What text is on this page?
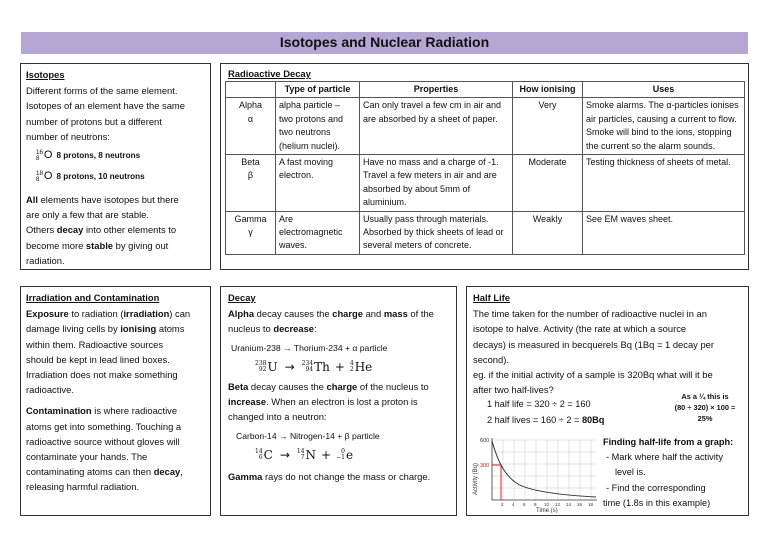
Isotopes and Nuclear Radiation
Isotopes
Different forms of the same element.
Isotopes of an element have the same
number of protons but a different
number of neutrons:
16
8 O 8 protons, 8 neutrons
18
8 O 8 protons, 10 neutrons
All elements have isotopes but there
are only a few that are stable.
Others decay into other elements to
become more stable by giving out
radiation.
Radioactive Decay
	Type of particle	Properties	How ionising	Uses

Alpha
α	alpha particle – two protons and two neutrons (helium nuclei).	Can only travel a few cm in air and are absorbed by a sheet of paper.	Very	Smoke alarms. The α-particles ionises air particles, causing a current to flow. Smoke will bind to the ions, stopping the current so the alarm sounds.

Beta
β	A fast moving electron.	Have no mass and a charge of -1. Travel a few meters in air and are absorbed by about 5mm of aluminium.	Moderate	Testing thickness of sheets of metal.

Gamma
γ	Are electromagnetic waves.	Usually pass through materials. Absorbed by thick sheets of lead or several meters of concrete.	Weakly	See EM waves sheet.
Irradiation and Contamination
Exposure to radiation (irradiation) can
damage living cells by ionising atoms
within them. Radioactive sources
should be kept in lead lined boxes.
Irradiation does not make something
radioactive.
Contamination is where radioactive
atoms get into something. Touching a
radioactive source without gloves will
contaminate your hands. The
contaminating atoms can then decay,
releasing harmful radiation.
Decay
Alpha decay causes the charge and mass of the
nucleus to decrease:
Uranium-238 → Thorium-234 + α particle
238
92 U → 234
94 Th + 4
2 He
Beta decay causes the charge of the nucleus to
increase. When an electron is lost a proton is
changed into a neutron:
Carbon-14 → Nitrogen-14 + β particle
14
6 C → 14
7 N +	0
−1 e
Gamma rays do not change the mass or charge.
Half Life
The time taken for the number of radioactive nuclei in an
isotope to halve. Activity (the rate at which a source
decays) is measured in becquerels Bq (1Bq = 1 decay per
second).
eg. if the initial activity of a sample is 320Bq what will it be
after two half-lives?
1 half life = 320 ÷ 2 = 160
2 half lives = 160 ÷ 2 = 80Bq
As a ¼ this is
(80 ÷ 320) × 100 = 25%
Activity (Bq)
600
300
2 4 6 8 10 12 14 16 18
Time (s)
Finding half-life from a graph:
- Mark where half the activity
level is.
- Find the corresponding
time (1.8s in this example)
